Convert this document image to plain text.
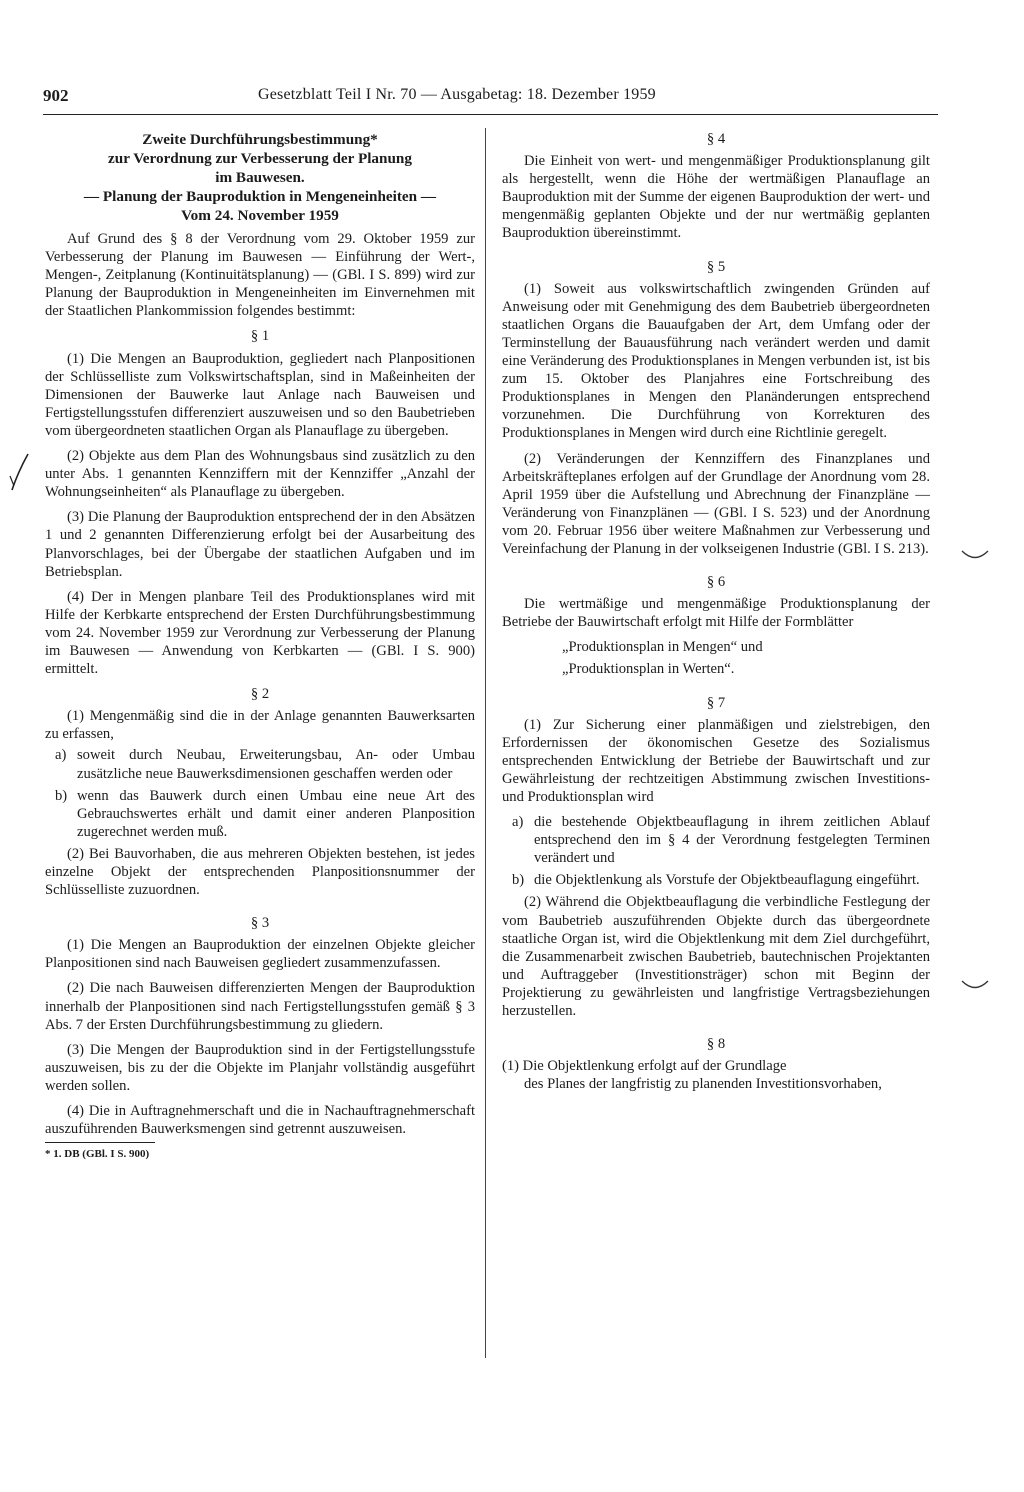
902	Gesetzblatt Teil I Nr. 70 — Ausgabetag: 18. Dezember 1959

Zweite Durchführungsbestimmung*

zur Verordnung zur Verbesserung der Planung

im Bauwesen.

— Planung der Bauproduktion in Mengeneinheiten —

Vom 24. November 1959

Auf Grund des § 8 der Verordnung vom 29. Oktober 1959 zur Verbesserung der Planung im Bauwesen — Einführung der Wert-, Mengen-, Zeitplanung (Kontinuitätsplanung) — (GBl. I S. 899) wird zur Planung der Bauproduktion in Mengeneinheiten im Einvernehmen mit der Staatlichen Plankommission folgendes bestimmt:

§ 1

(1) Die Mengen an Bauproduktion, gegliedert nach Planpositionen der Schlüsselliste zum Volkswirtschaftsplan, sind in Maßeinheiten der Dimensionen der Bauwerke laut Anlage nach Bauweisen und Fertigstellungsstufen differenziert auszuweisen und so den Baubetrieben vom übergeordneten staatlichen Organ als Planauflage zu übergeben.

(2) Objekte aus dem Plan des Wohnungsbaus sind zusätzlich zu den unter Abs. 1 genannten Kennziffern mit der Kennziffer „Anzahl der Wohnungseinheiten“ als Planauflage zu übergeben.

(3) Die Planung der Bauproduktion entsprechend der in den Absätzen 1 und 2 genannten Differenzierung erfolgt bei der Ausarbeitung des Planvorschlages, bei der Übergabe der staatlichen Aufgaben und im Betriebsplan.

(4) Der in Mengen planbare Teil des Produktionsplanes wird mit Hilfe der Kerbkarte entsprechend der Ersten Durchführungsbestimmung vom 24. November 1959 zur Verordnung zur Verbesserung der Planung im Bauwesen — Anwendung von Kerbkarten — (GBl. I S. 900) ermittelt.

§ 2

(1) Mengenmäßig sind die in der Anlage genannten Bauwerksarten zu erfassen,

a) soweit durch Neubau, Erweiterungsbau, An- oder Umbau zusätzliche neue Bauwerksdimensionen geschaffen werden oder
b) wenn das Bauwerk durch einen Umbau eine neue Art des Gebrauchswertes erhält und damit einer anderen Planposition zugerechnet werden muß.

(2) Bei Bauvorhaben, die aus mehreren Objekten bestehen, ist jedes einzelne Objekt der entsprechenden Planpositionsnummer der Schlüsselliste zuzuordnen.

§ 3

(1) Die Mengen an Bauproduktion der einzelnen Objekte gleicher Planpositionen sind nach Bauweisen gegliedert zusammenzufassen.

(2) Die nach Bauweisen differenzierten Mengen der Bauproduktion innerhalb der Planpositionen sind nach Fertigstellungsstufen gemäß § 3 Abs. 7 der Ersten Durchführungsbestimmung zu gliedern.

(3) Die Mengen der Bauproduktion sind in der Fertigstellungsstufe auszuweisen, bis zu der die Objekte im Planjahr vollständig ausgeführt werden sollen.

(4) Die in Auftragnehmerschaft und die in Nachauftragnehmerschaft auszuführenden Bauwerksmengen sind getrennt auszuweisen.

* 1. DB (GBl. I S. 900)

§ 4

Die Einheit von wert- und mengenmäßiger Produktionsplanung gilt als hergestellt, wenn die Höhe der wertmäßigen Planauflage an Bauproduktion mit der Summe der eigenen Bauproduktion der wert- und mengenmäßig geplanten Objekte und der nur wertmäßig geplanten Bauproduktion übereinstimmt.

§ 5

(1) Soweit aus volkswirtschaftlich zwingenden Gründen auf Anweisung oder mit Genehmigung des dem Baubetrieb übergeordneten staatlichen Organs die Bauaufgaben der Art, dem Umfang oder der Terminstellung der Bauausführung nach verändert werden und damit eine Veränderung des Produktionsplanes in Mengen verbunden ist, ist bis zum 15. Oktober des Planjahres eine Fortschreibung des Produktionsplanes in Mengen den Planänderungen entsprechend vorzunehmen. Die Durchführung von Korrekturen des Produktionsplanes in Mengen wird durch eine Richtlinie geregelt.

(2) Veränderungen der Kennziffern des Finanzplanes und Arbeitskräfteplanes erfolgen auf der Grundlage der Anordnung vom 28. April 1959 über die Aufstellung und Abrechnung der Finanzpläne — Veränderung von Finanzplänen — (GBl. I S. 523) und der Anordnung vom 20. Februar 1956 über weitere Maßnahmen zur Verbesserung und Vereinfachung der Planung in der volkseigenen Industrie (GBl. I S. 213).

§ 6

Die wertmäßige und mengenmäßige Produktionsplanung der Betriebe der Bauwirtschaft erfolgt mit Hilfe der Formblätter

„Produktionsplan in Mengen“ und

„Produktionsplan in Werten“.

§ 7

(1) Zur Sicherung einer planmäßigen und zielstrebigen, den Erfordernissen der ökonomischen Gesetze des Sozialismus entsprechenden Entwicklung der Betriebe der Bauwirtschaft und zur Gewährleistung der rechtzeitigen Abstimmung zwischen Investitions- und Produktionsplan wird

a) die bestehende Objektbeauflagung in ihrem zeitlichen Ablauf entsprechend den im § 4 der Verordnung festgelegten Terminen verändert und
b) die Objektlenkung als Vorstufe der Objektbeauflagung eingeführt.

(2) Während die Objektbeauflagung die verbindliche Festlegung der vom Baubetrieb auszuführenden Objekte durch das übergeordnete staatliche Organ ist, wird die Objektlenkung mit dem Ziel durchgeführt, die Zusammenarbeit zwischen Baubetrieb, bautechnischen Projektanten und Auftraggeber (Investitionsträger) schon mit Beginn der Projektierung zu gewährleisten und langfristige Vertragsbeziehungen herzustellen.

§ 8

(1) Die Objektlenkung erfolgt auf der Grundlage

des Planes der langfristig zu planenden Investitionsvorhaben,
